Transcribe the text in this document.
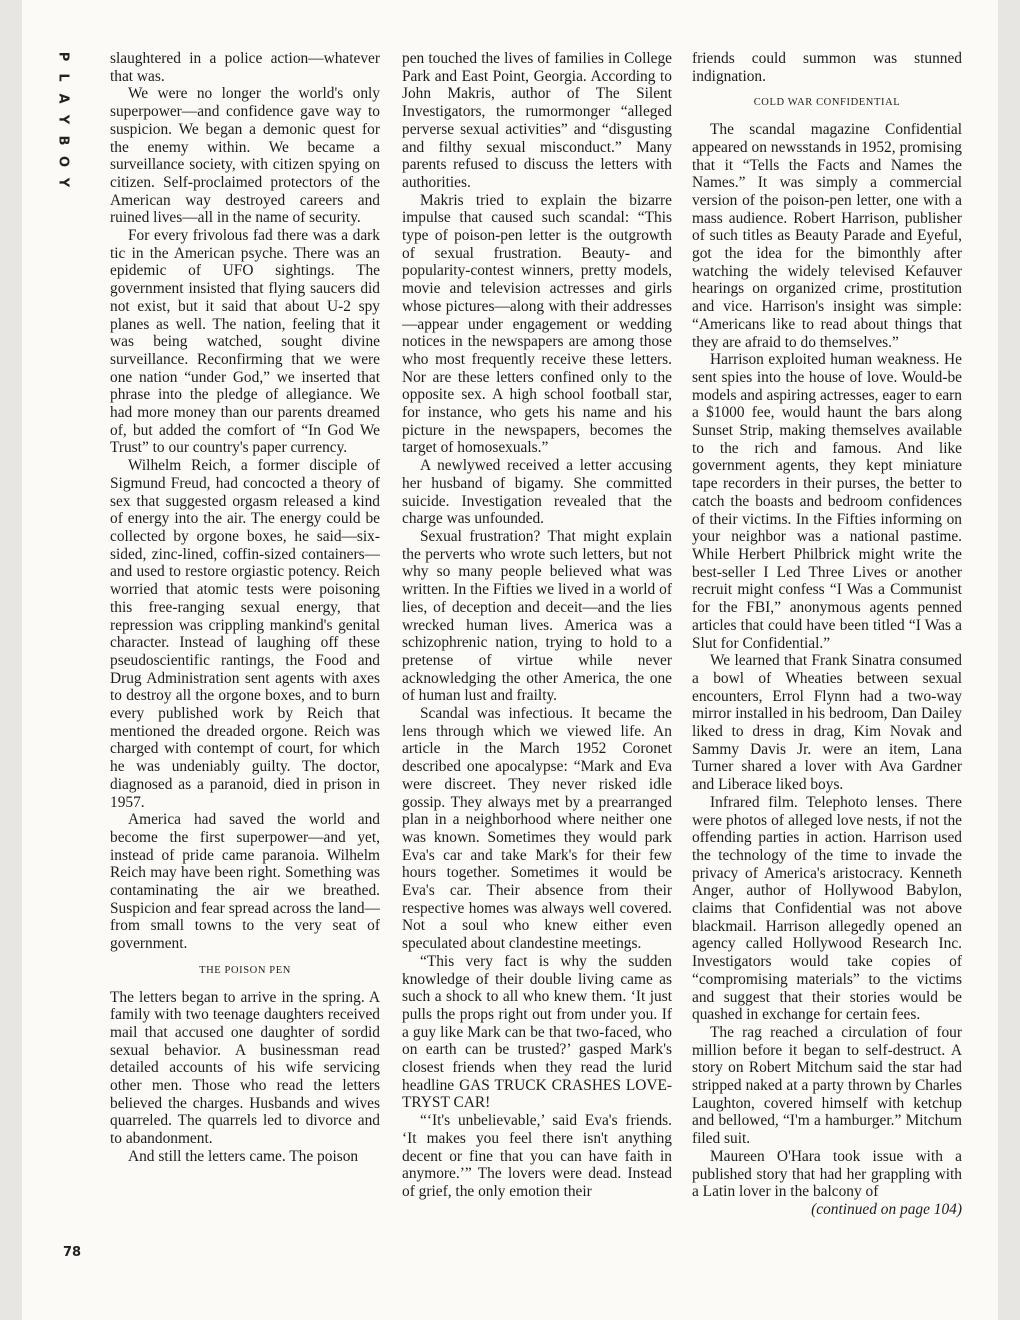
P
L
A
Y
B
O
Y
78

slaughtered in a police action—whatever that was.

We were no longer the world's only superpower—and confidence gave way to suspicion. We began a demonic quest for the enemy within. We became a surveillance society, with citizen spying on citizen. Self-proclaimed protectors of the American way destroyed careers and ruined lives—all in the name of security.

For every frivolous fad there was a dark tic in the American psyche. There was an epidemic of UFO sightings. The government insisted that flying saucers did not exist, but it said that about U-2 spy planes as well. The nation, feeling that it was being watched, sought divine surveillance. Reconfirming that we were one nation “under God,” we inserted that phrase into the pledge of allegiance. We had more money than our parents dreamed of, but added the comfort of “In God We Trust” to our country's paper currency.

Wilhelm Reich, a former disciple of Sigmund Freud, had concocted a theory of sex that suggested orgasm released a kind of energy into the air. The energy could be collected by orgone boxes, he said—six-sided, zinc-lined, coffin-sized containers—and used to restore orgiastic potency. Reich worried that atomic tests were poisoning this free-ranging sexual energy, that repression was crippling mankind's genital character. Instead of laughing off these pseudoscientific rantings, the Food and Drug Administration sent agents with axes to destroy all the orgone boxes, and to burn every published work by Reich that mentioned the dreaded orgone. Reich was charged with contempt of court, for which he was undeniably guilty. The doctor, diagnosed as a paranoid, died in prison in 1957.

America had saved the world and become the first superpower—and yet, instead of pride came paranoia. Wilhelm Reich may have been right. Something was contaminating the air we breathed. Suspicion and fear spread across the land—from small towns to the very seat of government.

THE POISON PEN

The letters began to arrive in the spring. A family with two teenage daughters received mail that accused one daughter of sordid sexual behavior. A businessman read detailed accounts of his wife servicing other men. Those who read the letters believed the charges. Husbands and wives quarreled. The quarrels led to divorce and to abandonment.

And still the letters came. The poison

pen touched the lives of families in College Park and East Point, Georgia. According to John Makris, author of The Silent Investigators, the rumormonger “alleged perverse sexual activities” and “disgusting and filthy sexual misconduct.” Many parents refused to discuss the letters with authorities.

Makris tried to explain the bizarre impulse that caused such scandal: “This type of poison-pen letter is the outgrowth of sexual frustration. Beauty- and popularity-contest winners, pretty models, movie and television actresses and girls whose pictures—along with their addresses—appear under engagement or wedding notices in the newspapers are among those who most frequently receive these letters. Nor are these letters confined only to the opposite sex. A high school football star, for instance, who gets his name and his picture in the newspapers, becomes the target of homosexuals.”

A newlywed received a letter accusing her husband of bigamy. She committed suicide. Investigation revealed that the charge was unfounded.

Sexual frustration? That might explain the perverts who wrote such letters, but not why so many people believed what was written. In the Fifties we lived in a world of lies, of deception and deceit—and the lies wrecked human lives. America was a schizophrenic nation, trying to hold to a pretense of virtue while never acknowledging the other America, the one of human lust and frailty.

Scandal was infectious. It became the lens through which we viewed life. An article in the March 1952 Coronet described one apocalypse: “Mark and Eva were discreet. They never risked idle gossip. They always met by a prearranged plan in a neighborhood where neither one was known. Sometimes they would park Eva's car and take Mark's for their few hours together. Sometimes it would be Eva's car. Their absence from their respective homes was always well covered. Not a soul who knew either even speculated about clandestine meetings.

“This very fact is why the sudden knowledge of their double living came as such a shock to all who knew them. ‘It just pulls the props right out from under you. If a guy like Mark can be that two-faced, who on earth can be trusted?’ gasped Mark's closest friends when they read the lurid headline GAS TRUCK CRASHES LOVE-TRYST CAR!

“‘It's unbelievable,’ said Eva's friends. ‘It makes you feel there isn't anything decent or fine that you can have faith in anymore.’” The lovers were dead. Instead of grief, the only emotion their

friends could summon was stunned indignation.

COLD WAR CONFIDENTIAL

The scandal magazine Confidential appeared on newsstands in 1952, promising that it “Tells the Facts and Names the Names.” It was simply a commercial version of the poison-pen letter, one with a mass audience. Robert Harrison, publisher of such titles as Beauty Parade and Eyeful, got the idea for the bimonthly after watching the widely televised Kefauver hearings on organized crime, prostitution and vice. Harrison's insight was simple: “Americans like to read about things that they are afraid to do themselves.”

Harrison exploited human weakness. He sent spies into the house of love. Would-be models and aspiring actresses, eager to earn a $1000 fee, would haunt the bars along Sunset Strip, making themselves available to the rich and famous. And like government agents, they kept miniature tape recorders in their purses, the better to catch the boasts and bedroom confidences of their victims. In the Fifties informing on your neighbor was a national pastime. While Herbert Philbrick might write the best-seller I Led Three Lives or another recruit might confess “I Was a Communist for the FBI,” anonymous agents penned articles that could have been titled “I Was a Slut for Confidential.”

We learned that Frank Sinatra consumed a bowl of Wheaties between sexual encounters, Errol Flynn had a two-way mirror installed in his bedroom, Dan Dailey liked to dress in drag, Kim Novak and Sammy Davis Jr. were an item, Lana Turner shared a lover with Ava Gardner and Liberace liked boys.

Infrared film. Telephoto lenses. There were photos of alleged love nests, if not the offending parties in action. Harrison used the technology of the time to invade the privacy of America's aristocracy. Kenneth Anger, author of Hollywood Babylon, claims that Confidential was not above blackmail. Harrison allegedly opened an agency called Hollywood Research Inc. Investigators would take copies of “compromising materials” to the victims and suggest that their stories would be quashed in exchange for certain fees.

The rag reached a circulation of four million before it began to self-destruct. A story on Robert Mitchum said the star had stripped naked at a party thrown by Charles Laughton, covered himself with ketchup and bellowed, “I'm a hamburger.” Mitchum filed suit.

Maureen O'Hara took issue with a published story that had her grappling with a Latin lover in the balcony of

(continued on page 104)
